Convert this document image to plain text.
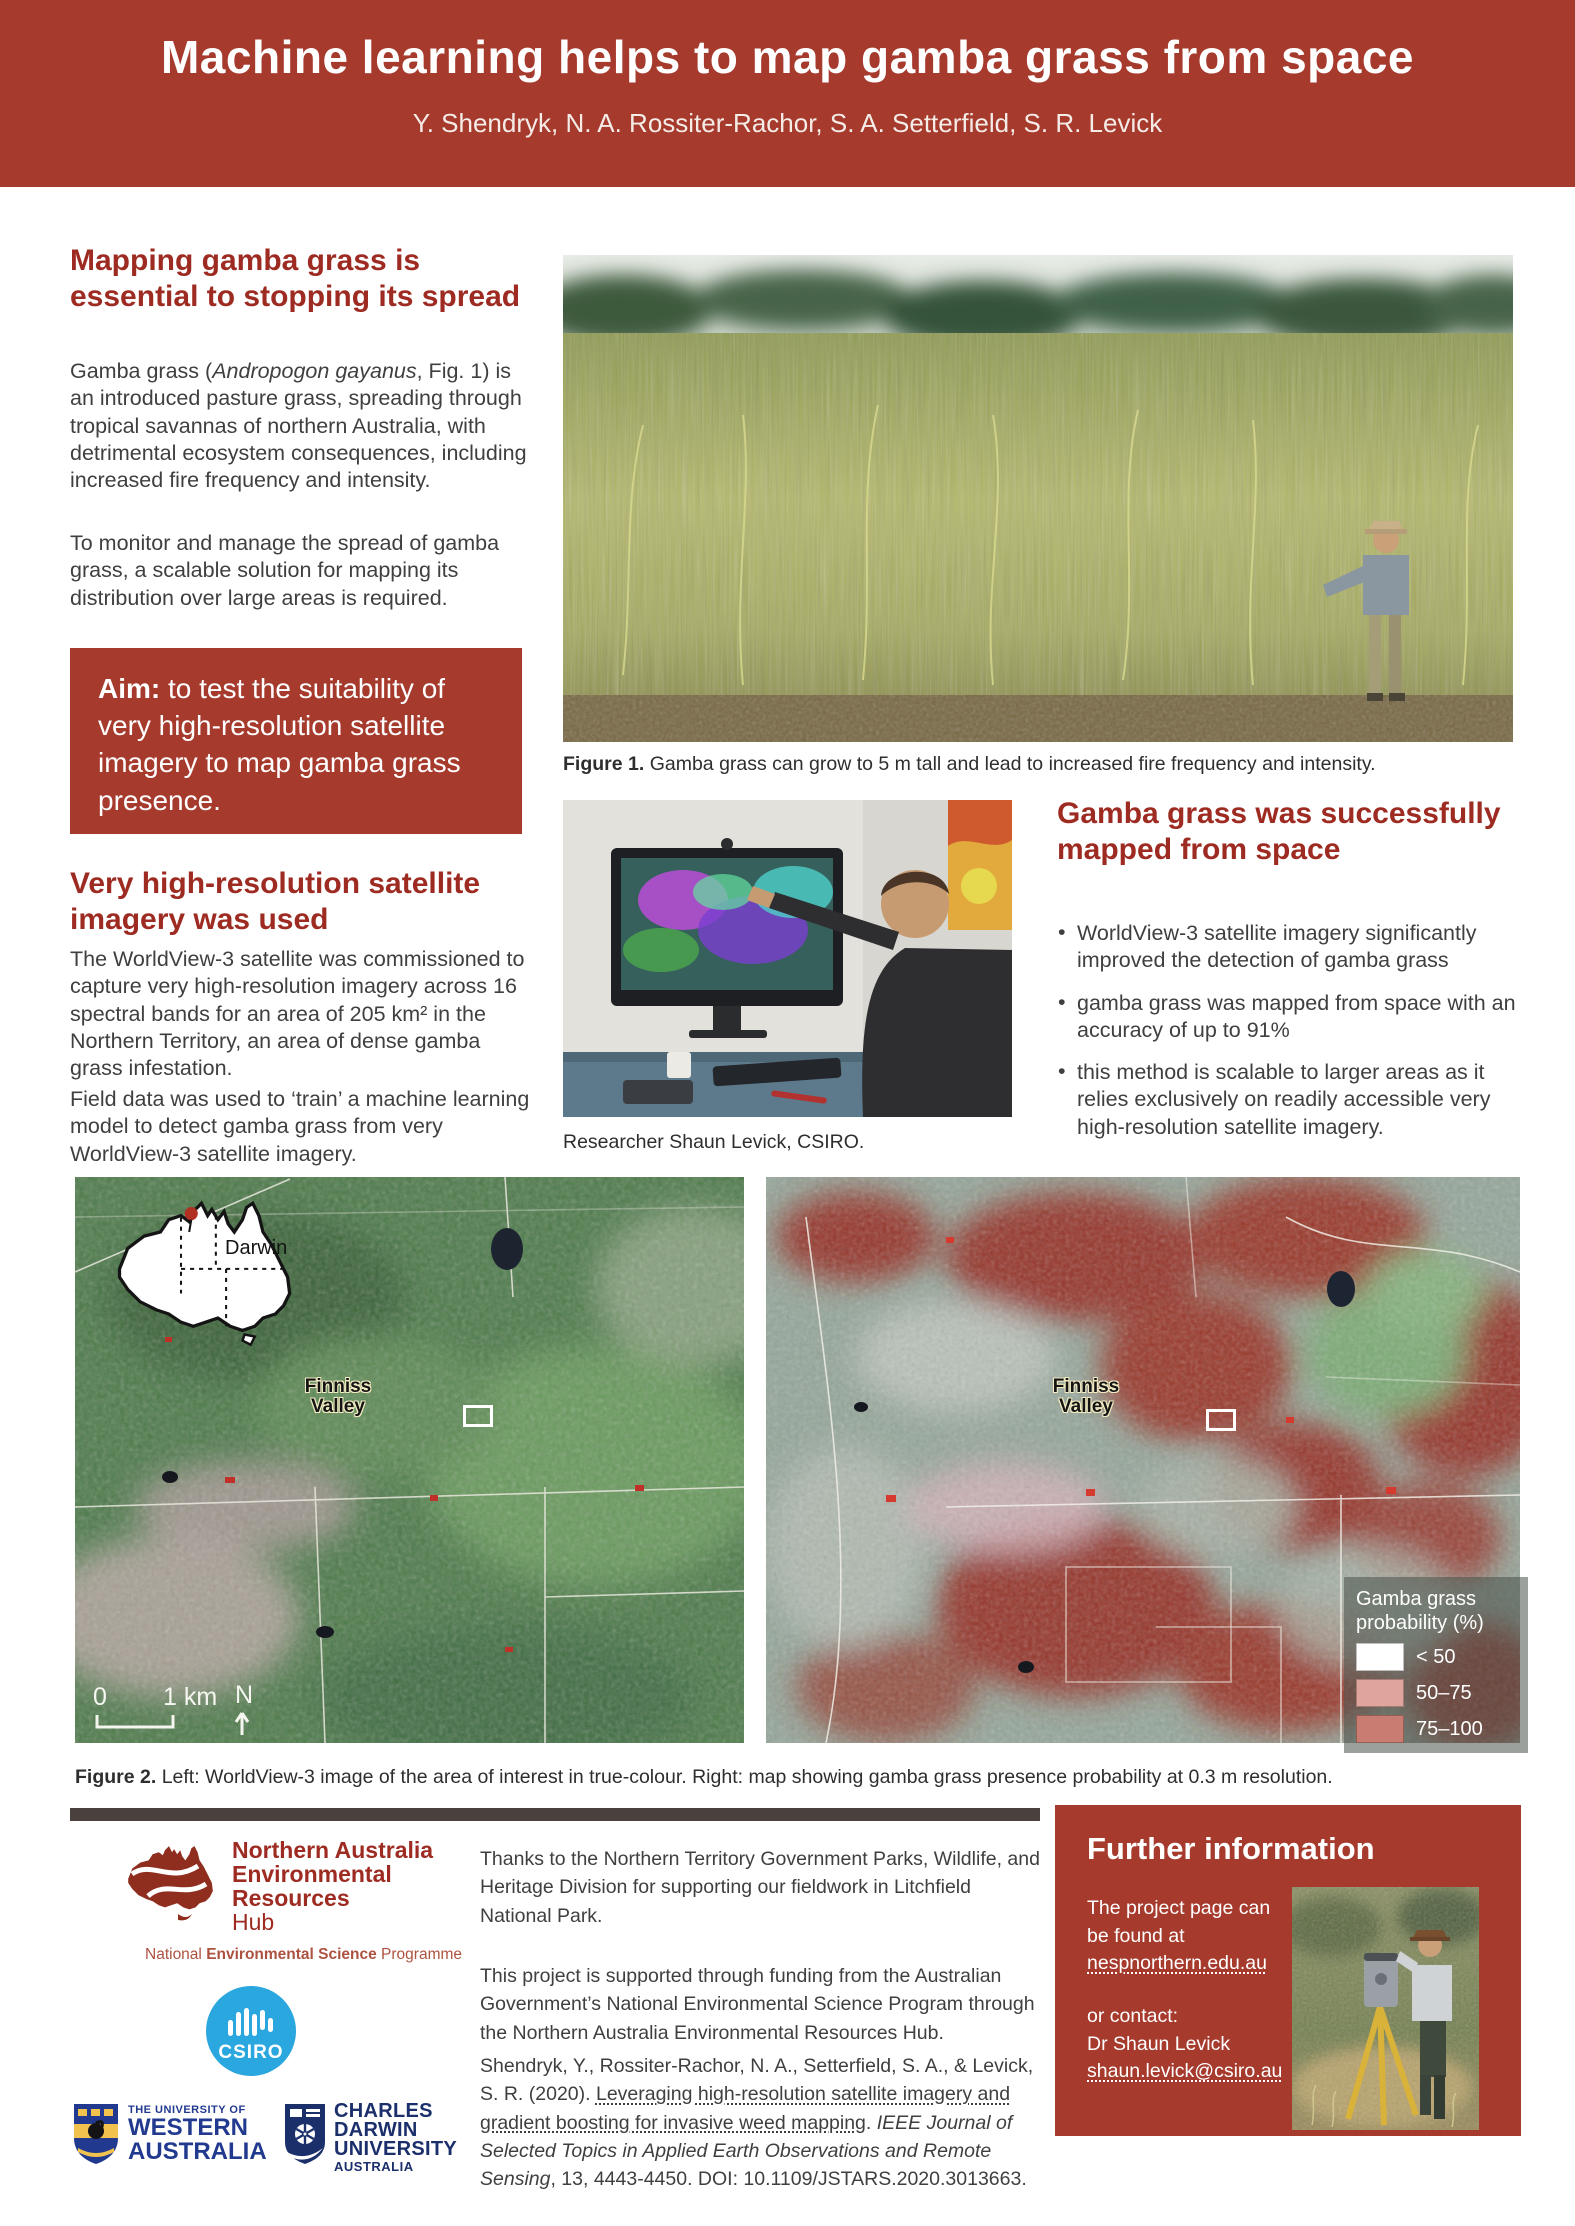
Machine learning helps to map gamba grass from space
Y. Shendryk, N. A. Rossiter-Rachor, S. A. Setterfield, S. R. Levick
Mapping gamba grass is essential to stopping its spread
Gamba grass (Andropogon gayanus, Fig. 1) is an introduced pasture grass, spreading through tropical savannas of northern Australia, with detrimental ecosystem consequences, including increased fire frequency and intensity.
To monitor and manage the spread of gamba grass, a scalable solution for mapping its distribution over large areas is required.
Aim: to test the suitability of very high-resolution satellite imagery to map gamba grass presence.
Very high-resolution satellite imagery was used
The WorldView-3 satellite was commissioned to capture very high-resolution imagery across 16 spectral bands for an area of 205 km² in the Northern Territory, an area of dense gamba grass infestation.
Field data was used to ‘train’ a machine learning model to detect gamba grass from very WorldView-3 satellite imagery.
Figure 1. Gamba grass can grow to 5 m tall and lead to increased fire frequency and intensity.
Researcher Shaun Levick, CSIRO.
Gamba grass was successfully mapped from space
• WorldView-3 satellite imagery significantly improved the detection of gamba grass
• gamba grass was mapped from space with an accuracy of up to 91%
• this method is scalable to larger areas as it relies exclusively on readily accessible very high-resolution satellite imagery.
Darwin
0 1 km N
Finniss
Valley
Finniss
Valley
Gamba grass
probability (%)
< 50
50–75
75–100
Figure 2. Left: WorldView-3 image of the area of interest in true-colour. Right: map showing gamba grass presence probability at 0.3 m resolution.
Northern Australia
Environmental
Resources
Hub
National Environmental Science Programme
CSIRO
THE UNIVERSITY OF
WESTERN
AUSTRALIA
CHARLES
DARWIN
UNIVERSITY
AUSTRALIA
Thanks to the Northern Territory Government Parks, Wildlife, and Heritage Division for supporting our fieldwork in Litchfield National Park.
This project is supported through funding from the Australian Government’s National Environmental Science Program through the Northern Australia Environmental Resources Hub.
Shendryk, Y., Rossiter-Rachor, N. A., Setterfield, S. A., & Levick, S. R. (2020). Leveraging high-resolution satellite imagery and gradient boosting for invasive weed mapping. IEEE Journal of Selected Topics in Applied Earth Observations and Remote Sensing, 13, 4443-4450. DOI: 10.1109/JSTARS.2020.3013663.
Further information
The project page can be found at
nespnorthern.edu.au
or contact:
Dr Shaun Levick
shaun.levick@csiro.au
